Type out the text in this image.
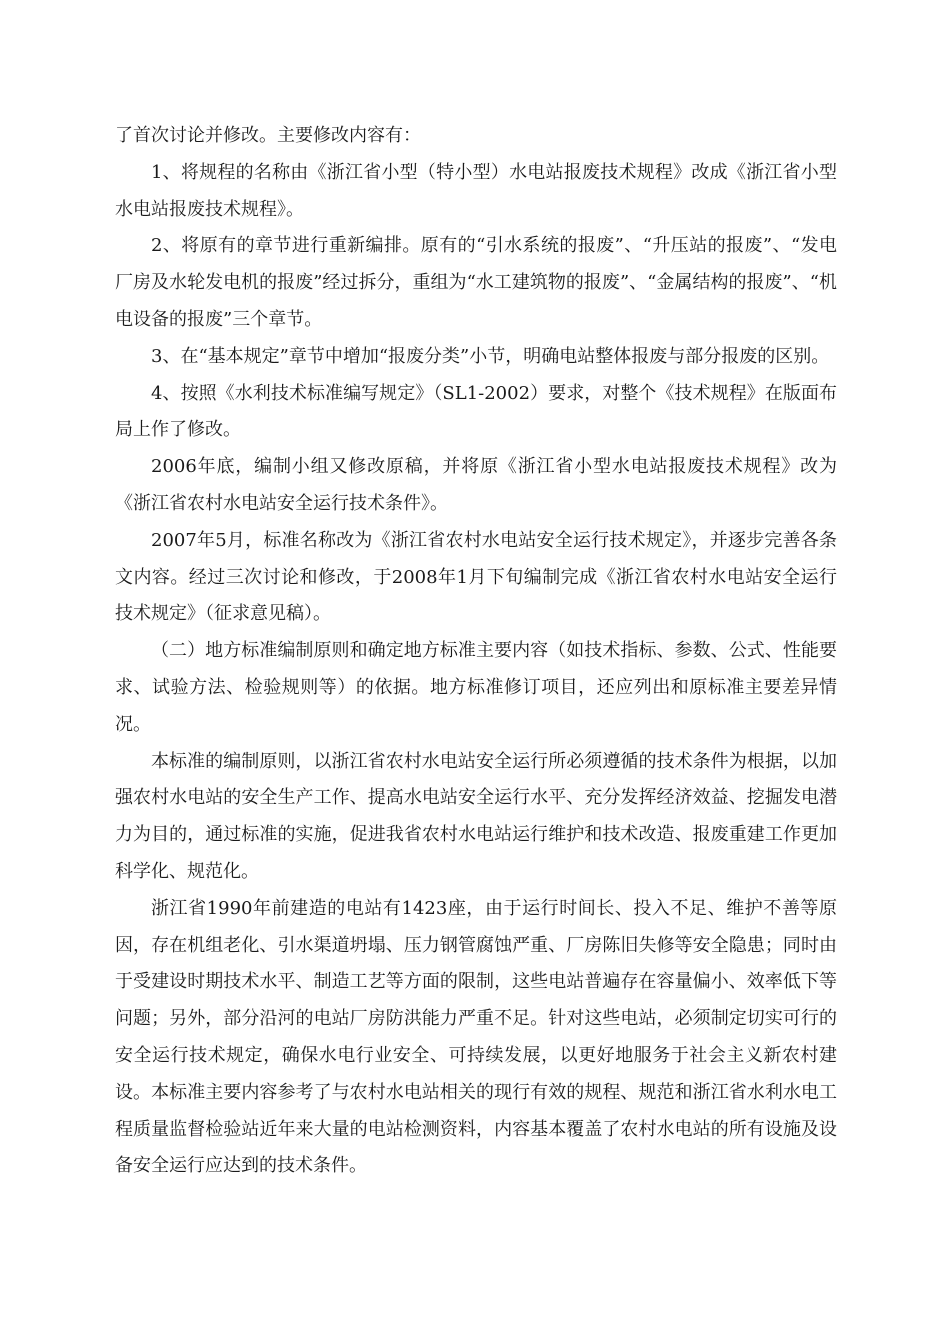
了首次讨论并修改。主要修改内容有：

1、将规程的名称由《浙江省小型（特小型）水电站报废技术规程》改成《浙江省小型水电站报废技术规程》。

2、将原有的章节进行重新编排。原有的“引水系统的报废”、“升压站的报废”、“发电厂房及水轮发电机的报废”经过拆分，重组为“水工建筑物的报废”、“金属结构的报废”、“机电设备的报废”三个章节。

3、在“基本规定”章节中增加“报废分类”小节，明确电站整体报废与部分报废的区别。

4、按照《水利技术标准编写规定》（SL1-2002）要求，对整个《技术规程》在版面布局上作了修改。

2006年底，编制小组又修改原稿，并将原《浙江省小型水电站报废技术规程》改为《浙江省农村水电站安全运行技术条件》。

2007年5月，标准名称改为《浙江省农村水电站安全运行技术规定》，并逐步完善各条文内容。经过三次讨论和修改，于2008年1月下旬编制完成《浙江省农村水电站安全运行技术规定》（征求意见稿）。

（二）地方标准编制原则和确定地方标准主要内容（如技术指标、参数、公式、性能要求、试验方法、检验规则等）的依据。地方标准修订项目，还应列出和原标准主要差异情况。

本标准的编制原则，以浙江省农村水电站安全运行所必须遵循的技术条件为根据，以加强农村水电站的安全生产工作、提高水电站安全运行水平、充分发挥经济效益、挖掘发电潜力为目的，通过标准的实施，促进我省农村水电站运行维护和技术改造、报废重建工作更加科学化、规范化。

浙江省1990年前建造的电站有1423座，由于运行时间长、投入不足、维护不善等原因，存在机组老化、引水渠道坍塌、压力钢管腐蚀严重、厂房陈旧失修等安全隐患；同时由于受建设时期技术水平、制造工艺等方面的限制，这些电站普遍存在容量偏小、效率低下等问题；另外，部分沿河的电站厂房防洪能力严重不足。针对这些电站，必须制定切实可行的安全运行技术规定，确保水电行业安全、可持续发展，以更好地服务于社会主义新农村建设。本标准主要内容参考了与农村水电站相关的现行有效的规程、规范和浙江省水利水电工程质量监督检验站近年来大量的电站检测资料，内容基本覆盖了农村水电站的所有设施及设备安全运行应达到的技术条件。
